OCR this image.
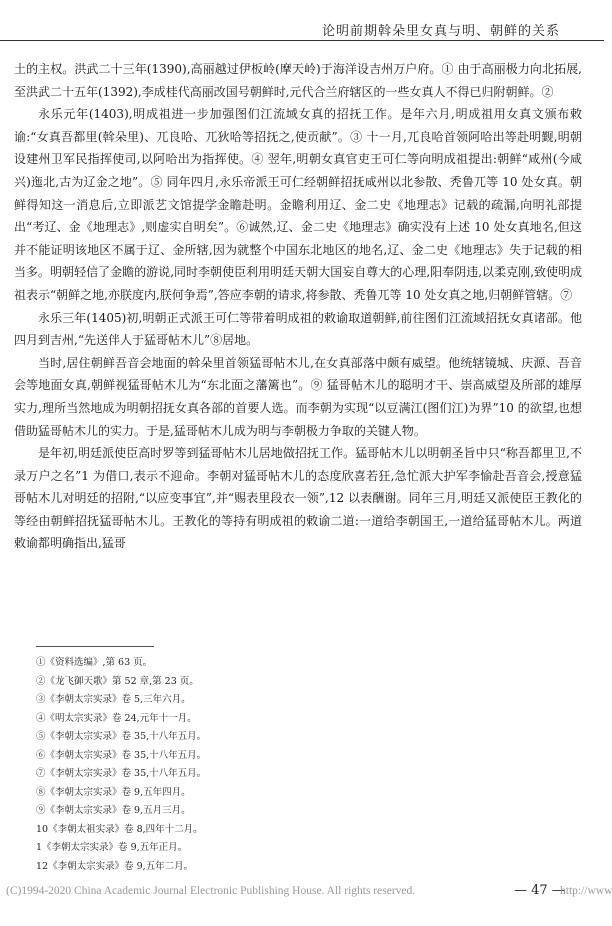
论明前期斡朵里女真与明、朝鲜的关系

土的主权。洪武二十三年(1390),高丽越过伊板岭(摩天岭)于海洋设吉州万户府。① 由于高丽极力向北拓展,至洪武二十五年(1392),李成桂代高丽改国号朝鲜时,元代合兰府辖区的一些女真人不得已归附朝鲜。②

永乐元年(1403),明成祖进一步加强图们江流域女真的招抚工作。是年六月,明成祖用女真文颁布敕谕:“女真吾都里(斡朵里)、兀良哈、兀狄哈等招抚之,使贡献”。③ 十一月,兀良哈首领阿哈出等赴明觐,明朝设建州卫军民指挥使司,以阿哈出为指挥使。④ 翌年,明朝女真官吏王可仁等向明成祖提出:朝鲜“咸州(今咸兴)迤北,古为辽金之地”。⑤ 同年四月,永乐帝派王可仁经朝鲜招抚咸州以北参散、秃鲁兀等 10 处女真。朝鲜得知这一消息后,立即派艺文馆提学金瞻赴明。金瞻利用辽、金二史《地理志》记载的疏漏,向明礼部提出“考辽、金《地理志》,则虚实自明矣”。⑥诚然,辽、金二史《地理志》确实没有上述 10 处女真地名,但这并不能证明该地区不属于辽、金所辖,因为就整个中国东北地区的地名,辽、金二史《地理志》失于记载的相当多。明朝轻信了金瞻的游说,同时李朝使臣利用明廷天朝大国妄自尊大的心理,阳奉阴违,以柔克刚,致使明成祖表示“朝鲜之地,亦朕度内,朕何争焉”,答应李朝的请求,将参散、秃鲁兀等 10 处女真之地,归朝鲜管辖。⑦

永乐三年(1405)初,明朝正式派王可仁等带着明成祖的敕谕取道朝鲜,前往图们江流域招抚女真诸部。他四月到吉州,“先送伴人于猛哥帖木儿”⑧居地。

当时,居住朝鲜吾音会地面的斡朵里首领猛哥帖木儿,在女真部落中颇有威望。他统辖镜城、庆源、吾音会等地面女真,朝鲜视猛哥帖木儿为“东北面之藩篱也”。⑨ 猛哥帖木儿的聪明才干、崇高威望及所部的雄厚实力,理所当然地成为明朝招抚女真各部的首要人选。而李朝为实现“以豆满江(图们江)为界”10 的欲望,也想借助猛哥帖木儿的实力。于是,猛哥帖木儿成为明与李朝极力争取的关键人物。

是年初,明廷派使臣高时罗等到猛哥帖木儿居地做招抚工作。猛哥帖木儿以明朝圣旨中只“称吾都里卫,不录万户之名”1 为借口,表示不迎命。李朝对猛哥帖木儿的态度欣喜若狂,急忙派大护军李愉赴吾音会,授意猛哥帖木儿对明廷的招附,“以应变事宜”,并“赐表里段衣一领”,12 以表酬谢。同年三月,明廷又派使臣王教化的等经由朝鲜招抚猛哥帖木儿。王教化的等持有明成祖的敕谕二道:一道给李朝国王,一道给猛哥帖木儿。两道敕谕都明确指出,猛哥

①《资料选编》,第 63 页。
②《龙飞御天歌》第 52 章,第 23 页。
③《李朝太宗实录》卷 5,三年六月。
④《明太宗实录》卷 24,元年十一月。
⑤《李朝太宗实录》卷 35,十八年五月。
⑥《李朝太宗实录》卷 35,十八年五月。
⑦《李朝太宗实录》卷 35,十八年五月。
⑧《李朝太宗实录》卷 9,五年四月。
⑨《李朝太宗实录》卷 9,五月三月。
10《李朝太祖实录》卷 8,四年十二月。
1《李朝太宗实录》卷 9,五年正月。
12《李朝太宗实录》卷 9,五年二月。
(C)1994-2020 China Academic Journal Electronic Publishing House. All rights reserved.	— 47 —
http://www
